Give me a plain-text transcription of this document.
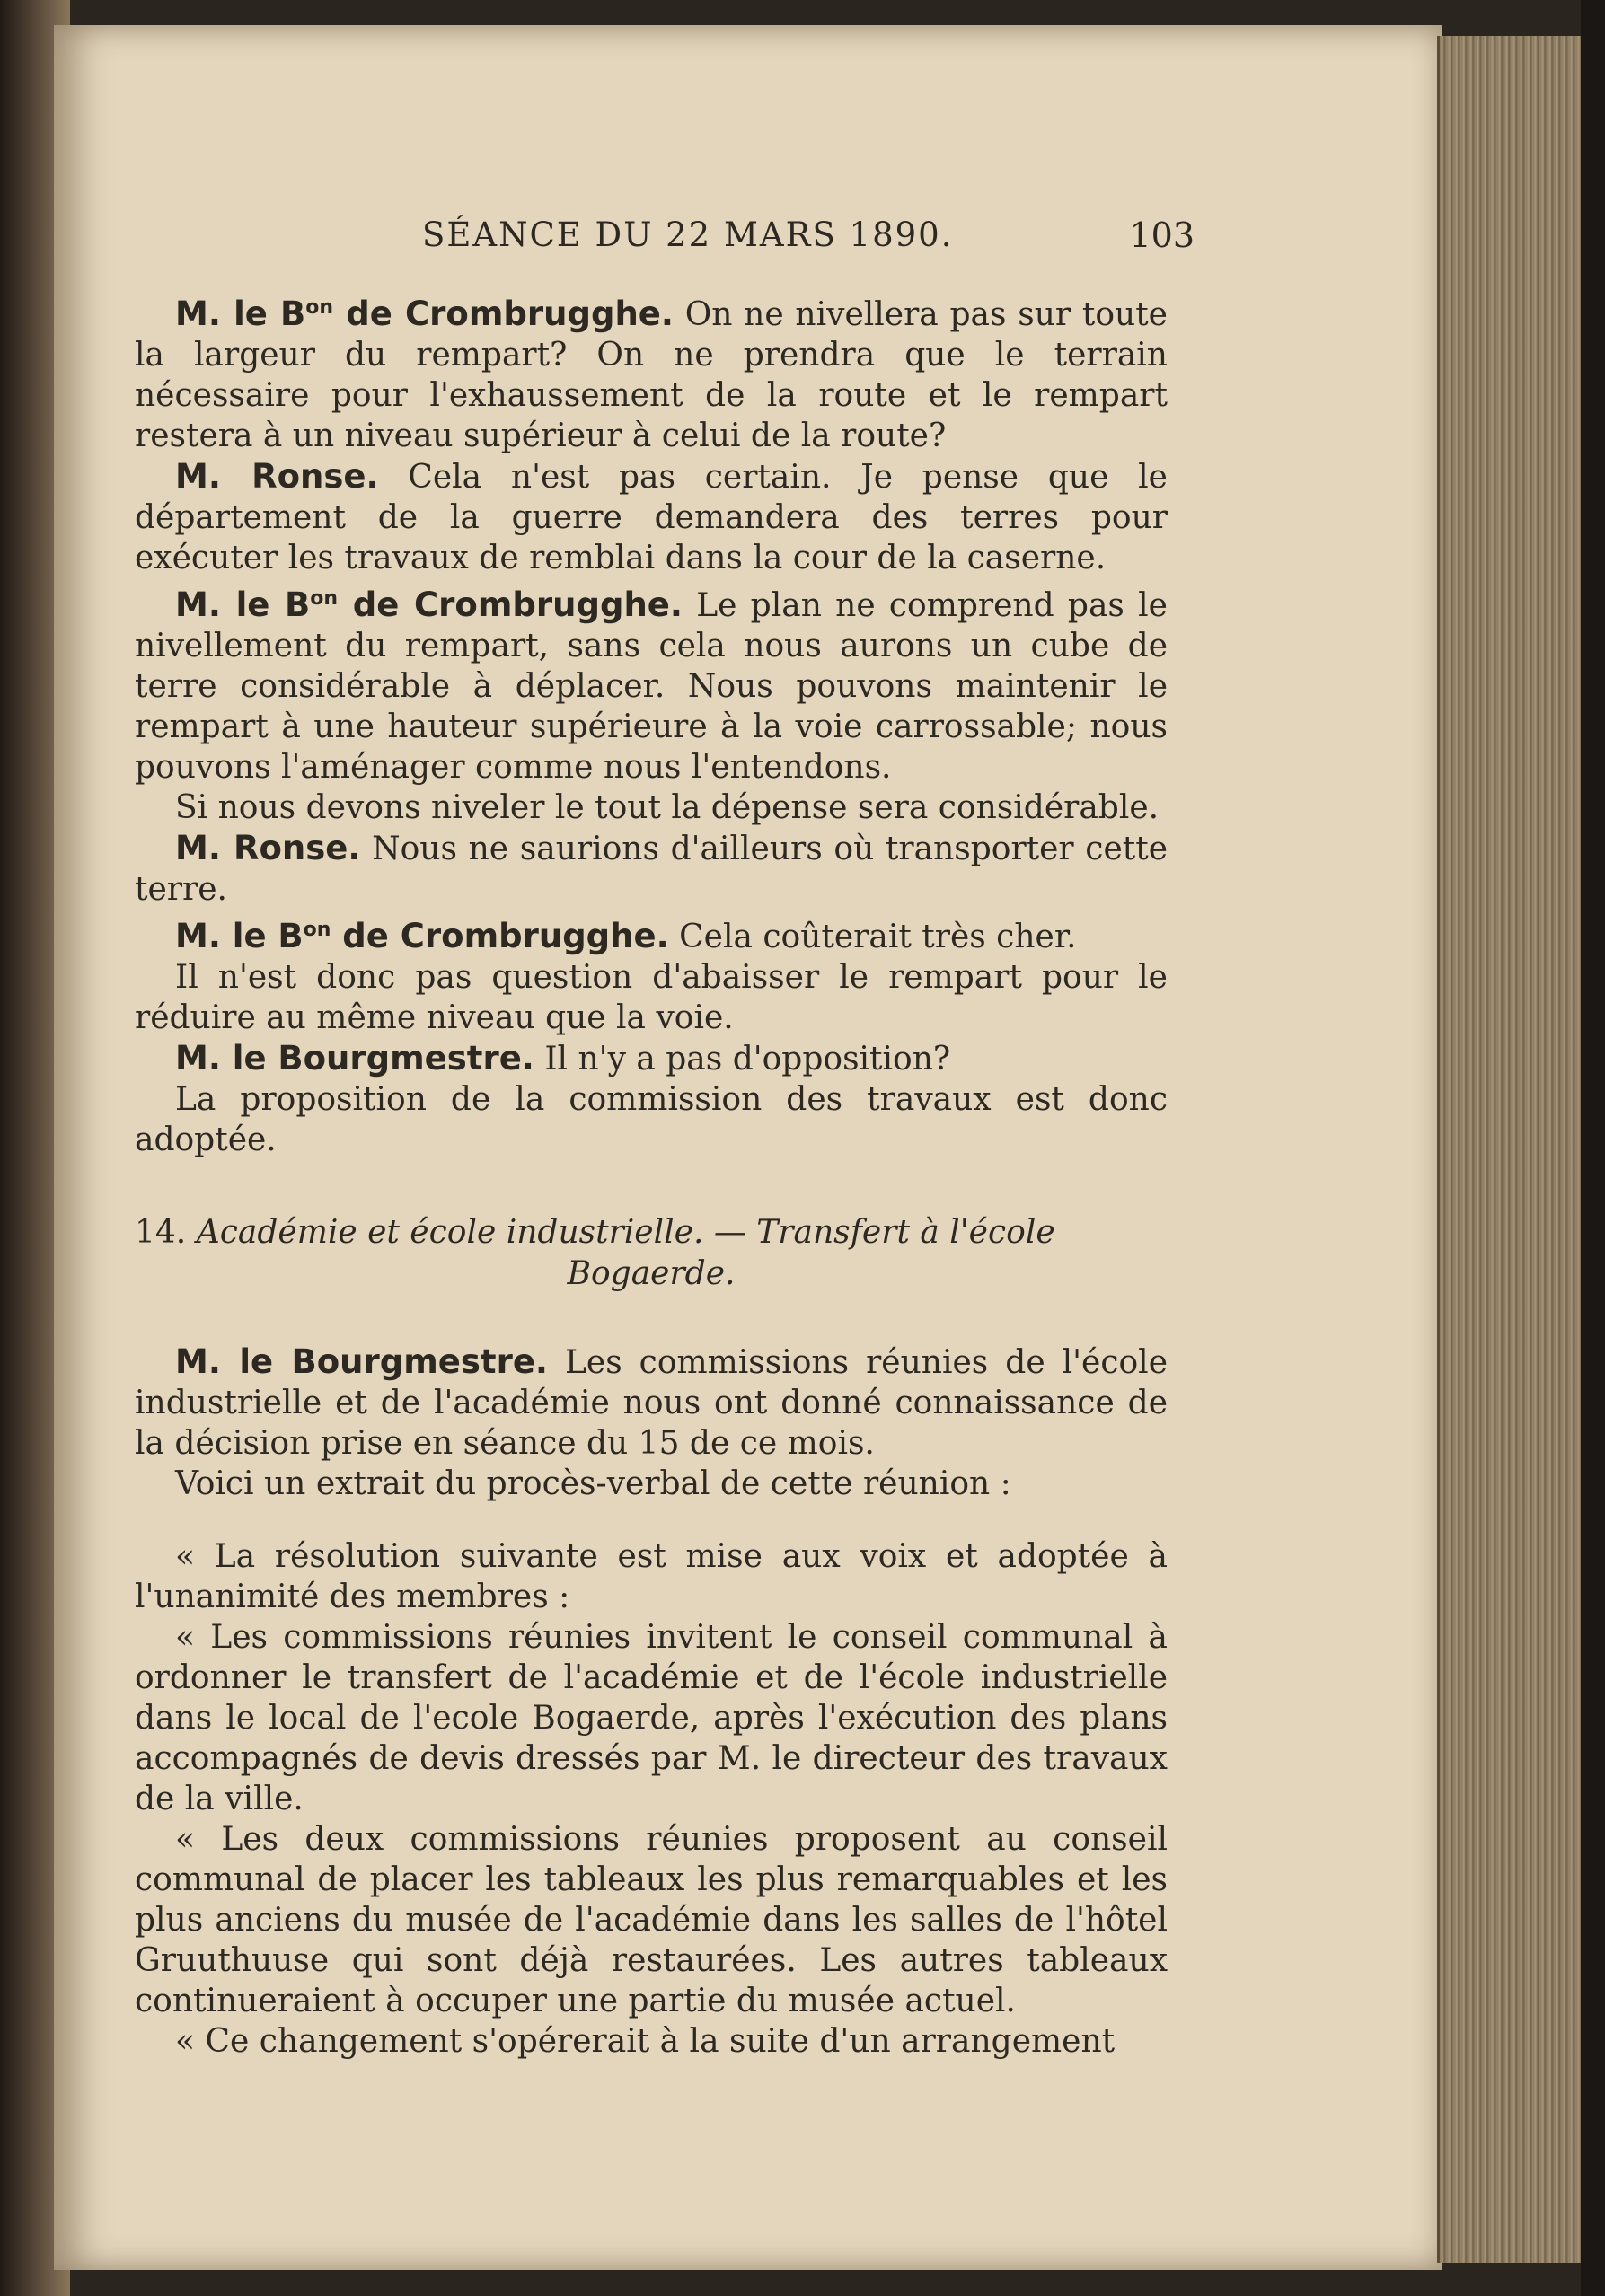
SÉANCE DU 22 MARS 1890.	103

M. le $B^{on}$ de Crombrugghe. On ne nivellera pas sur toute la largeur du rempart? On ne prendra que le terrain nécessaire pour l'exhaussement de la route et le rempart restera à un niveau supérieur à celui de la route?

M. Ronse. Cela n'est pas certain. Je pense que le département de la guerre demandera des terres pour exécuter les travaux de remblai dans la cour de la caserne.

M. le $B^{on}$ de Crombrugghe. Le plan ne comprend pas le nivellement du rempart, sans cela nous aurons un cube de terre considérable à déplacer. Nous pouvons maintenir le rempart à une hauteur supérieure à la voie carrossable; nous pouvons l'aménager comme nous l'entendons.

Si nous devons niveler le tout la dépense sera considérable.

M. Ronse. Nous ne saurions d'ailleurs où transporter cette terre.

M. le $B^{on}$ de Crombrugghe. Cela coûterait très cher.

Il n'est donc pas question d'abaisser le rempart pour le réduire au même niveau que la voie.

M. le Bourgmestre. Il n'y a pas d'opposition?

La proposition de la commission des travaux est donc adoptée.

14. Académie et école industrielle. — Transfert à l'école
Bogaerde.

M. le Bourgmestre. Les commissions réunies de l'école industrielle et de l'académie nous ont donné connaissance de la décision prise en séance du 15 de ce mois.

Voici un extrait du procès-verbal de cette réunion :

« La résolution suivante est mise aux voix et adoptée à l'unanimité des membres :

« Les commissions réunies invitent le conseil communal à ordonner le transfert de l'académie et de l'école industrielle dans le local de l'ecole Bogaerde, après l'exécution des plans accompagnés de devis dressés par M. le directeur des travaux de la ville.

« Les deux commissions réunies proposent au conseil communal de placer les tableaux les plus remarquables et les plus anciens du musée de l'académie dans les salles de l'hôtel Gruuthuuse qui sont déjà restaurées. Les autres tableaux continueraient à occuper une partie du musée actuel.

« Ce changement s'opérerait à la suite d'un arrangement
